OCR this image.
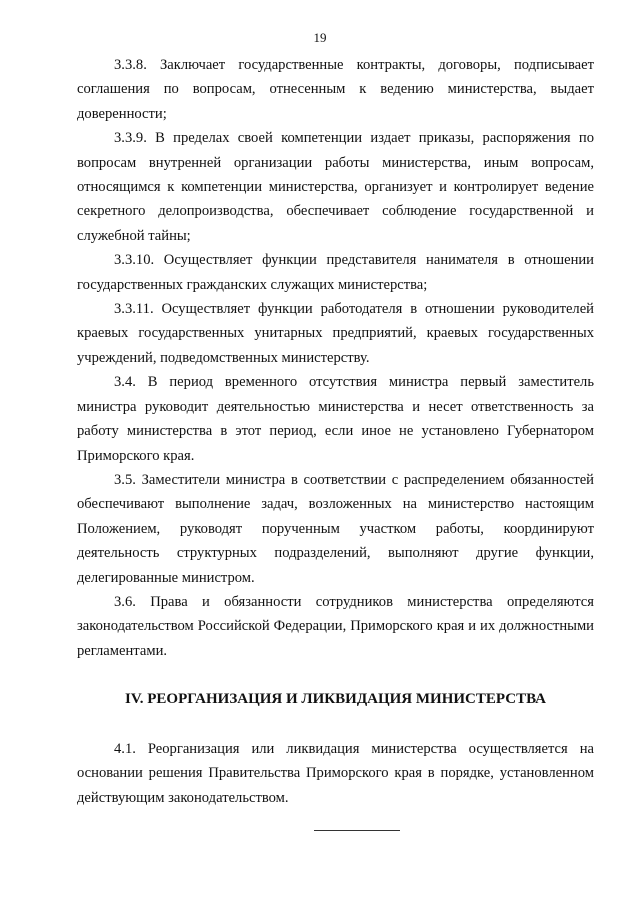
19

3.3.8. Заключает государственные контракты, договоры, подписывает соглашения по вопросам, отнесенным к ведению министерства, выдает доверенности;

3.3.9. В пределах своей компетенции издает приказы, распоряжения по вопросам внутренней организации работы министерства, иным вопросам, относящимся к компетенции министерства, организует и контролирует ведение секретного делопроизводства, обеспечивает соблюдение государственной и служебной тайны;

3.3.10. Осуществляет функции представителя нанимателя в отношении государственных гражданских служащих министерства;

3.3.11. Осуществляет функции работодателя в отношении руководителей краевых государственных унитарных предприятий, краевых государственных учреждений, подведомственных министерству.

3.4. В период временного отсутствия министра первый заместитель министра руководит деятельностью министерства и несет ответственность за работу министерства в этот период, если иное не установлено Губернатором Приморского края.

3.5. Заместители министра в соответствии с распределением обязанностей обеспечивают выполнение задач, возложенных на министерство настоящим Положением, руководят порученным участком работы, координируют деятельность структурных подразделений, выполняют другие функции, делегированные министром.

3.6. Права и обязанности сотрудников министерства определяются законодательством Российской Федерации, Приморского края и их должностными регламентами.

IV. РЕОРГАНИЗАЦИЯ И ЛИКВИДАЦИЯ МИНИСТЕРСТВА

4.1. Реорганизация или ликвидация министерства осуществляется на основании решения Правительства Приморского края в порядке, установленном действующим законодательством.
